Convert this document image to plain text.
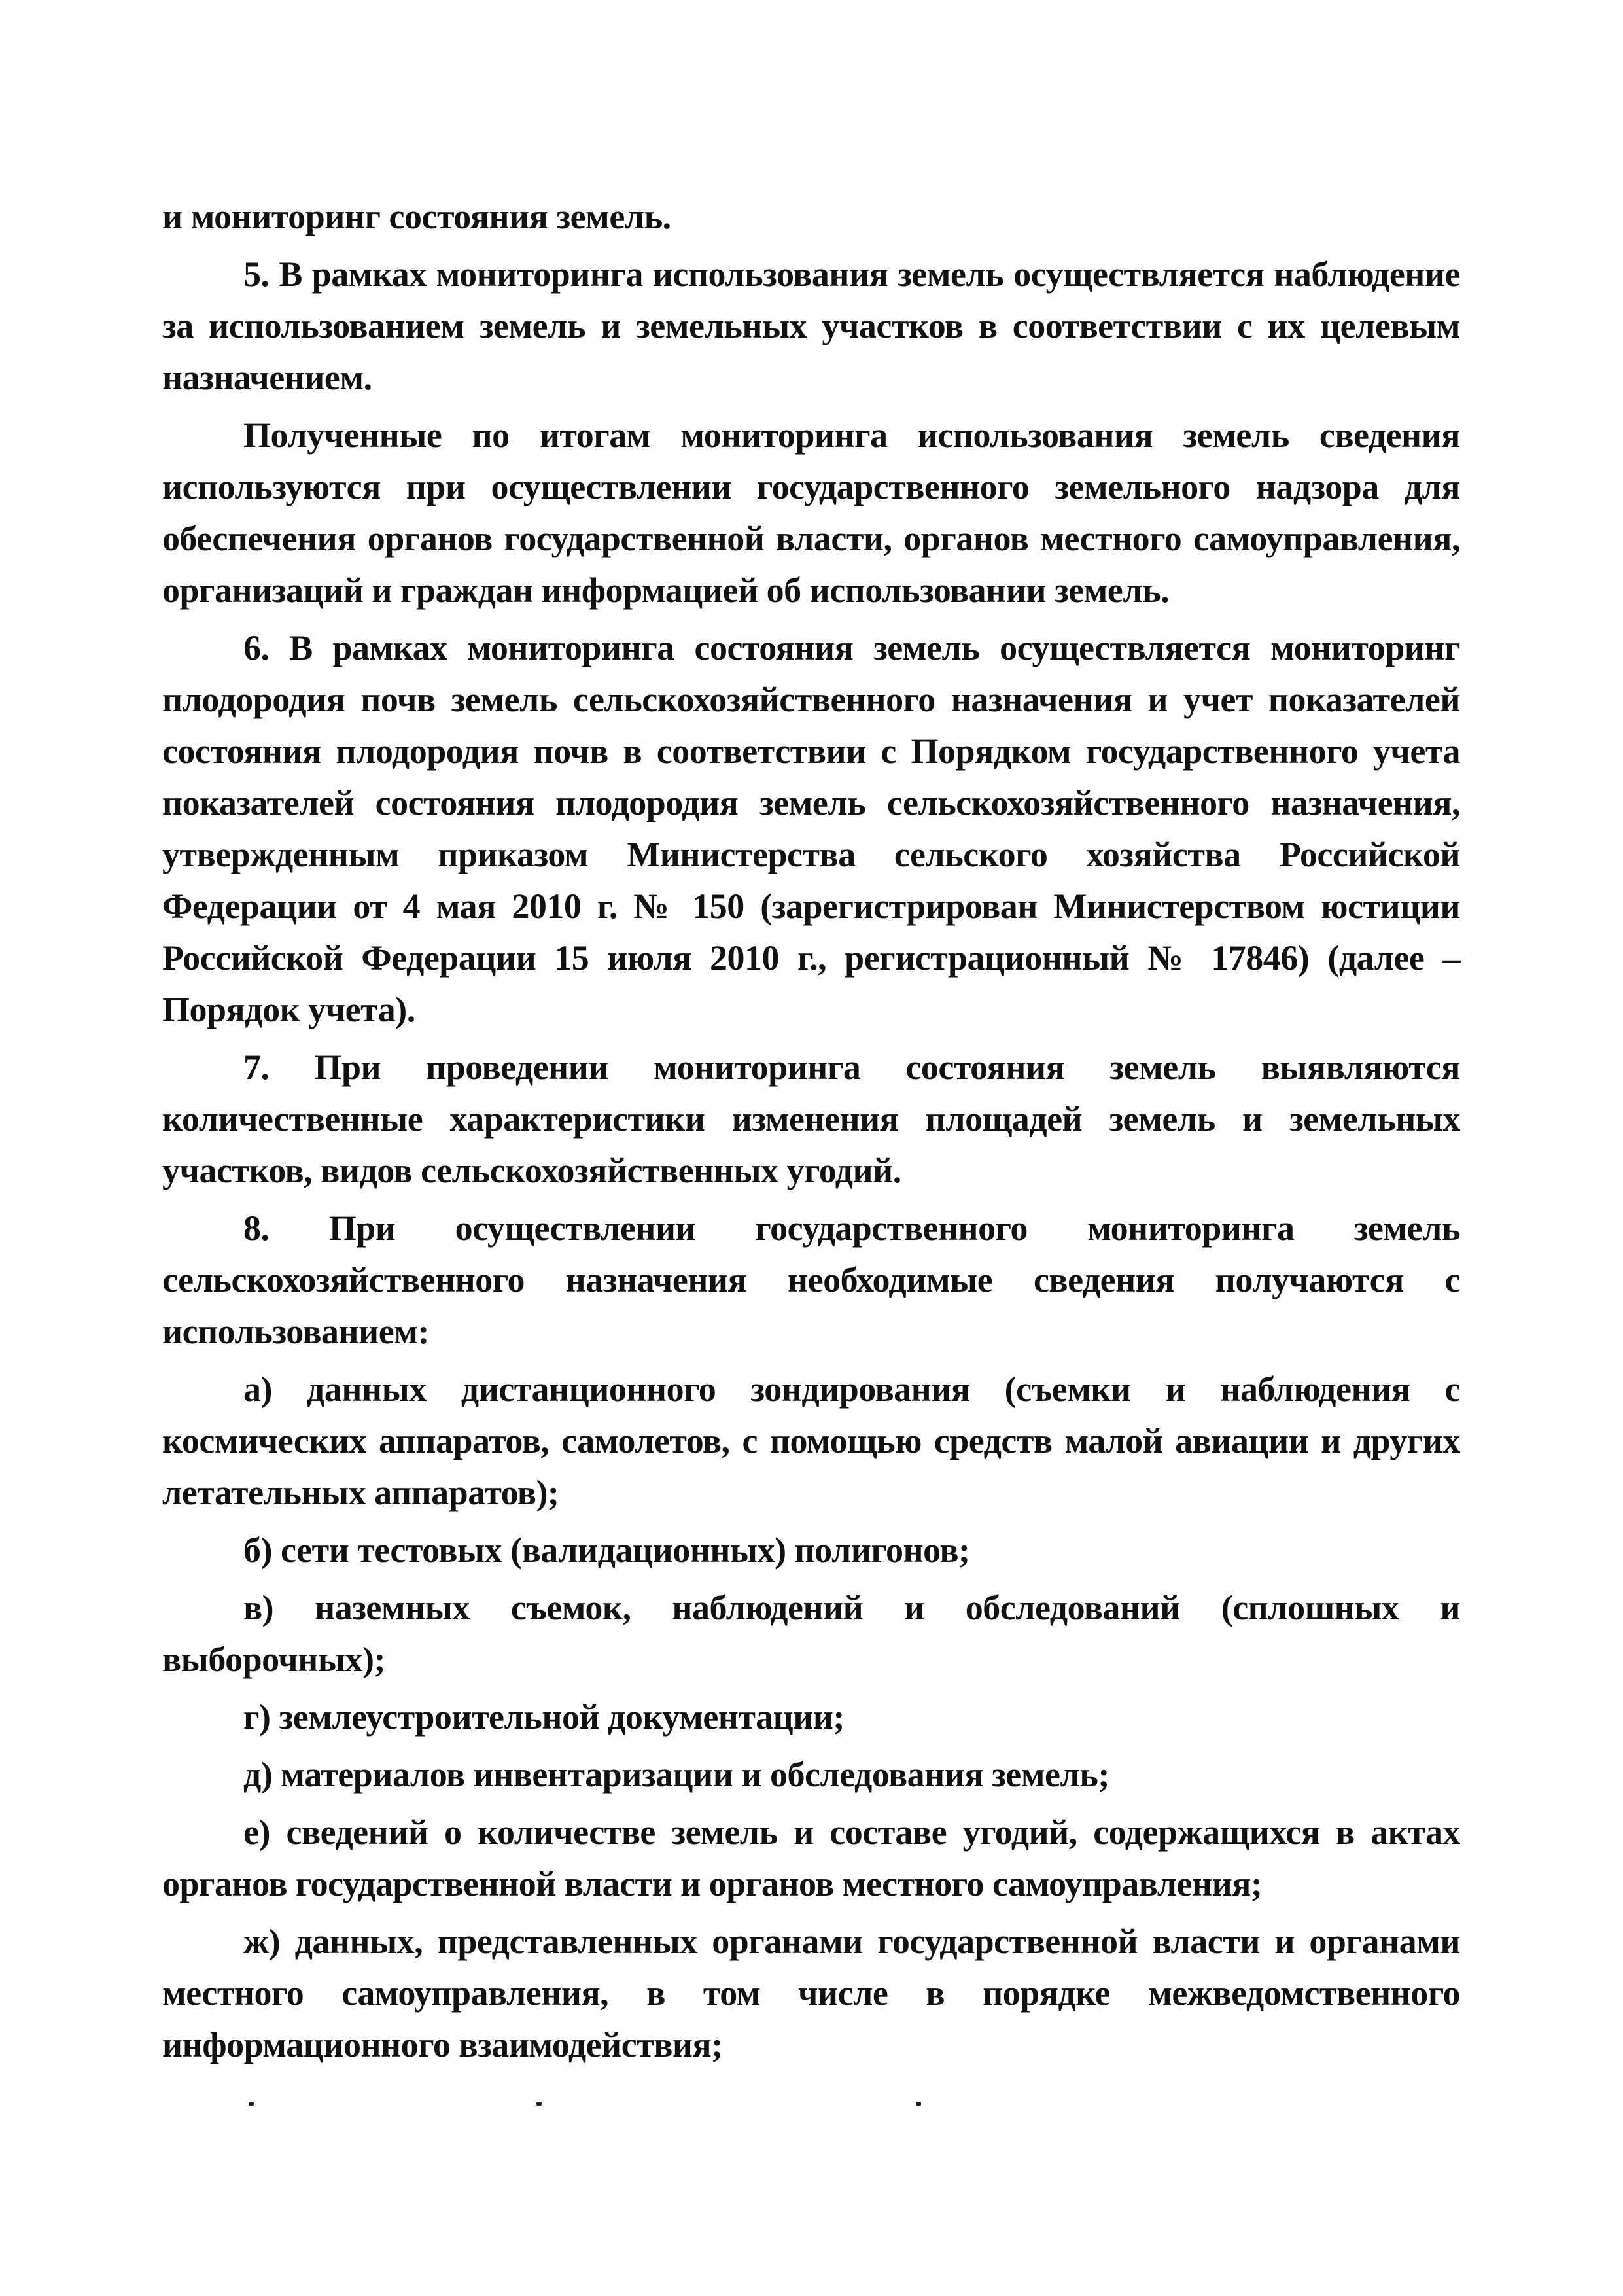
и мониторинг состояния земель.

5. В рамках мониторинга использования земель осуществляется наблюдение за использованием земель и земельных участков в соответствии с их целевым назначением.

Полученные по итогам мониторинга использования земель сведения используются при осуществлении государственного земельного надзора для обеспечения органов государственной власти, органов местного самоуправления, организаций и граждан информацией об использовании земель.

6. В рамках мониторинга состояния земель осуществляется мониторинг плодородия почв земель сельскохозяйственного назначения и учет показателей состояния плодородия почв в соответствии с Порядком государственного учета показателей состояния плодородия земель сельскохозяйственного назначения, утвержденным приказом Министерства сельского хозяйства Российской Федерации от 4 мая 2010 г. № 150 (зарегистрирован Министерством юстиции Российской Федерации 15 июля 2010 г., регистрационный № 17846) (далее – Порядок учета).

7. При проведении мониторинга состояния земель выявляются количественные характеристики изменения площадей земель и земельных участков, видов сельскохозяйственных угодий.

8. При осуществлении государственного мониторинга земель сельскохозяйственного назначения необходимые сведения получаются с использованием:

а) данных дистанционного зондирования (съемки и наблюдения с космических аппаратов, самолетов, с помощью средств малой авиации и других летательных аппаратов);

б) сети тестовых (валидационных) полигонов;

в) наземных съемок, наблюдений и обследований (сплошных и выборочных);

г) землеустроительной документации;

д) материалов инвентаризации и обследования земель;

е) сведений о количестве земель и составе угодий, содержащихся в актах органов государственной власти и органов местного самоуправления;

ж) данных, представленных органами государственной власти и органами местного самоуправления, в том числе в порядке межведомственного информационного взаимодействия;
